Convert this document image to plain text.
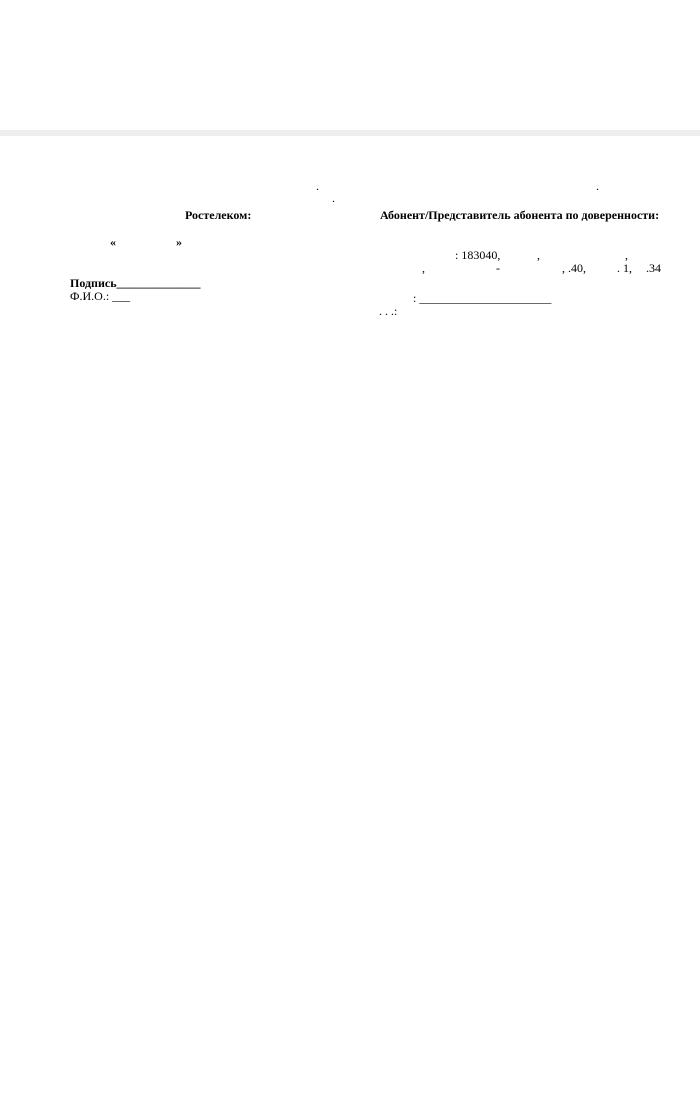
.
.
.
Ростелеком:
«	»
Подпись______________
Ф.И.О.: ___
Абонент/Представитель абонента по доверенности:
: 183040,	,	,
,	-	, .40,	. 1, .34
: ______________________
. . .:
